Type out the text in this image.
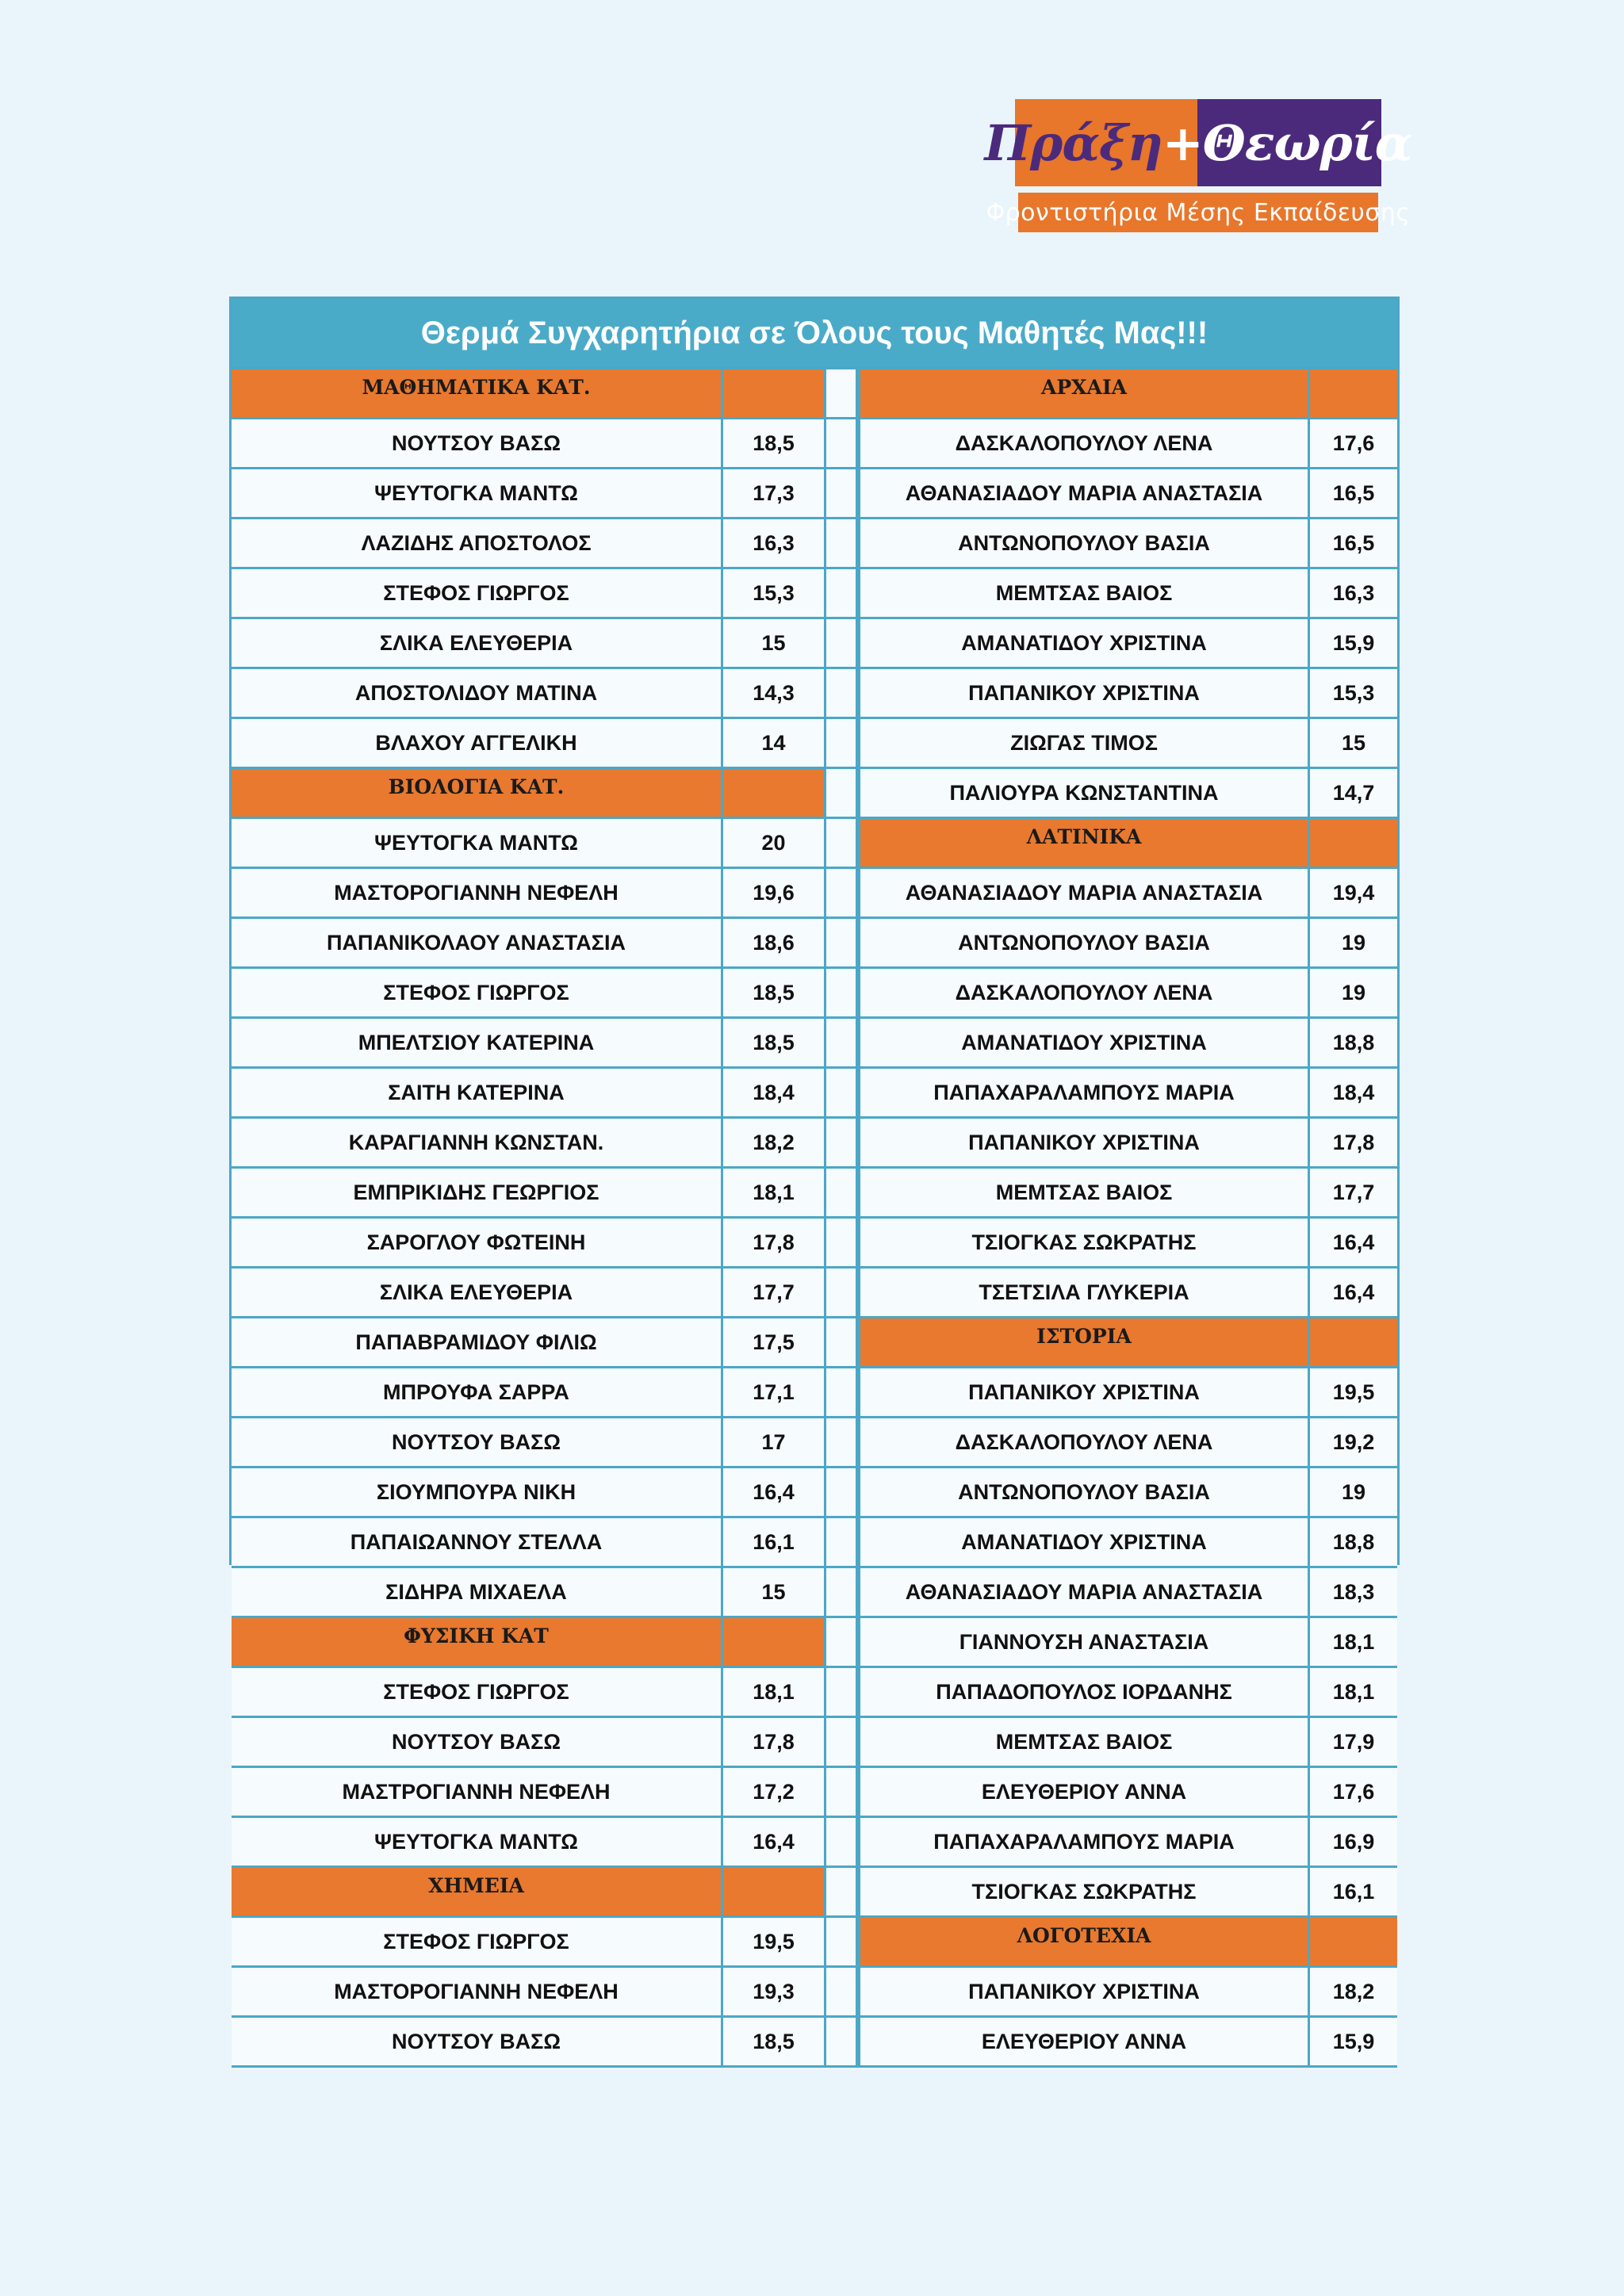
Πράξη + Θεωρία
Φροντιστήρια Μέσης Εκπαίδευσης
Θερμά Συγχαρητήρια σε Όλους τους Μαθητές Μας!!!
ΜΑΘΗΜΑΤΙΚΑ ΚΑΤ.
ΝΟΥΤΣΟΥ ΒΑΣΩ	18,5
ΨΕΥΤΟΓΚΑ ΜΑΝΤΩ	17,3
ΛΑΖΙΔΗΣ ΑΠΟΣΤΟΛΟΣ	16,3
ΣΤΕΦΟΣ ΓΙΩΡΓΟΣ	15,3
ΣΛΙΚΑ ΕΛΕΥΘΕΡΙΑ	15
ΑΠΟΣΤΟΛΙΔΟΥ ΜΑΤΙΝΑ	14,3
ΒΛΑΧΟΥ ΑΓΓΕΛΙΚΗ	14
ΒΙΟΛΟΓΙΑ ΚΑΤ.
ΨΕΥΤΟΓΚΑ ΜΑΝΤΩ	20
ΜΑΣΤΟΡΟΓΙΑΝΝΗ ΝΕΦΕΛΗ	19,6
ΠΑΠΑΝΙΚΟΛΑΟΥ ΑΝΑΣΤΑΣΙΑ	18,6
ΣΤΕΦΟΣ ΓΙΩΡΓΟΣ	18,5
ΜΠΕΛΤΣΙΟΥ ΚΑΤΕΡΙΝΑ	18,5
ΣΑΙΤΗ ΚΑΤΕΡΙΝΑ	18,4
ΚΑΡΑΓΙΑΝΝΗ ΚΩΝΣΤΑΝ.	18,2
ΕΜΠΡΙΚΙΔΗΣ ΓΕΩΡΓΙΟΣ	18,1
ΣΑΡΟΓΛΟΥ ΦΩΤΕΙΝΗ	17,8
ΣΛΙΚΑ ΕΛΕΥΘΕΡΙΑ	17,7
ΠΑΠΑΒΡΑΜΙΔΟΥ ΦΙΛΙΩ	17,5
ΜΠΡΟΥΦΑ ΣΑΡΡΑ	17,1
ΝΟΥΤΣΟΥ ΒΑΣΩ	17
ΣΙΟΥΜΠΟΥΡΑ ΝΙΚΗ	16,4
ΠΑΠΑΙΩΑΝΝΟΥ ΣΤΕΛΛΑ	16,1
ΣΙΔΗΡΑ ΜΙΧΑΕΛΑ	15
ΦΥΣΙΚΗ ΚΑΤ
ΣΤΕΦΟΣ ΓΙΩΡΓΟΣ	18,1
ΝΟΥΤΣΟΥ ΒΑΣΩ	17,8
ΜΑΣΤΡΟΓΙΑΝΝΗ ΝΕΦΕΛΗ	17,2
ΨΕΥΤΟΓΚΑ ΜΑΝΤΩ	16,4
ΧΗΜΕΙΑ
ΣΤΕΦΟΣ ΓΙΩΡΓΟΣ	19,5
ΜΑΣΤΟΡΟΓΙΑΝΝΗ ΝΕΦΕΛΗ	19,3
ΝΟΥΤΣΟΥ ΒΑΣΩ	18,5
ΑΡΧΑΙΑ
ΔΑΣΚΑΛΟΠΟΥΛΟΥ ΛΕΝΑ	17,6
ΑΘΑΝΑΣΙΑΔΟΥ ΜΑΡΙΑ ΑΝΑΣΤΑΣΙΑ	16,5
ΑΝΤΩΝΟΠΟΥΛΟΥ ΒΑΣΙΑ	16,5
ΜΕΜΤΣΑΣ ΒΑΙΟΣ	16,3
ΑΜΑΝΑΤΙΔΟΥ ΧΡΙΣΤΙΝΑ	15,9
ΠΑΠΑΝΙΚΟΥ ΧΡΙΣΤΙΝΑ	15,3
ΖΙΩΓΑΣ ΤΙΜΟΣ	15
ΠΑΛΙΟΥΡΑ ΚΩΝΣΤΑΝΤΙΝΑ	14,7
ΛΑΤΙΝΙΚΑ
ΑΘΑΝΑΣΙΑΔΟΥ ΜΑΡΙΑ ΑΝΑΣΤΑΣΙΑ	19,4
ΑΝΤΩΝΟΠΟΥΛΟΥ ΒΑΣΙΑ	19
ΔΑΣΚΑΛΟΠΟΥΛΟΥ ΛΕΝΑ	19
ΑΜΑΝΑΤΙΔΟΥ ΧΡΙΣΤΙΝΑ	18,8
ΠΑΠΑΧΑΡΑΛΑΜΠΟΥΣ ΜΑΡΙΑ	18,4
ΠΑΠΑΝΙΚΟΥ ΧΡΙΣΤΙΝΑ	17,8
ΜΕΜΤΣΑΣ ΒΑΙΟΣ	17,7
ΤΣΙΟΓΚΑΣ ΣΩΚΡΑΤΗΣ	16,4
ΤΣΕΤΣΙΛΑ ΓΛΥΚΕΡΙΑ	16,4
ΙΣΤΟΡΙΑ
ΠΑΠΑΝΙΚΟΥ ΧΡΙΣΤΙΝΑ	19,5
ΔΑΣΚΑΛΟΠΟΥΛΟΥ ΛΕΝΑ	19,2
ΑΝΤΩΝΟΠΟΥΛΟΥ ΒΑΣΙΑ	19
ΑΜΑΝΑΤΙΔΟΥ ΧΡΙΣΤΙΝΑ	18,8
ΑΘΑΝΑΣΙΑΔΟΥ ΜΑΡΙΑ ΑΝΑΣΤΑΣΙΑ	18,3
ΓΙΑΝΝΟΥΣΗ ΑΝΑΣΤΑΣΙΑ	18,1
ΠΑΠΑΔΟΠΟΥΛΟΣ ΙΟΡΔΑΝΗΣ	18,1
ΜΕΜΤΣΑΣ ΒΑΙΟΣ	17,9
ΕΛΕΥΘΕΡΙΟΥ ΑΝΝΑ	17,6
ΠΑΠΑΧΑΡΑΛΑΜΠΟΥΣ ΜΑΡΙΑ	16,9
ΤΣΙΟΓΚΑΣ ΣΩΚΡΑΤΗΣ	16,1
ΛΟΓΟΤΕΧΙΑ
ΠΑΠΑΝΙΚΟΥ ΧΡΙΣΤΙΝΑ	18,2
ΕΛΕΥΘΕΡΙΟΥ ΑΝΝΑ	15,9
